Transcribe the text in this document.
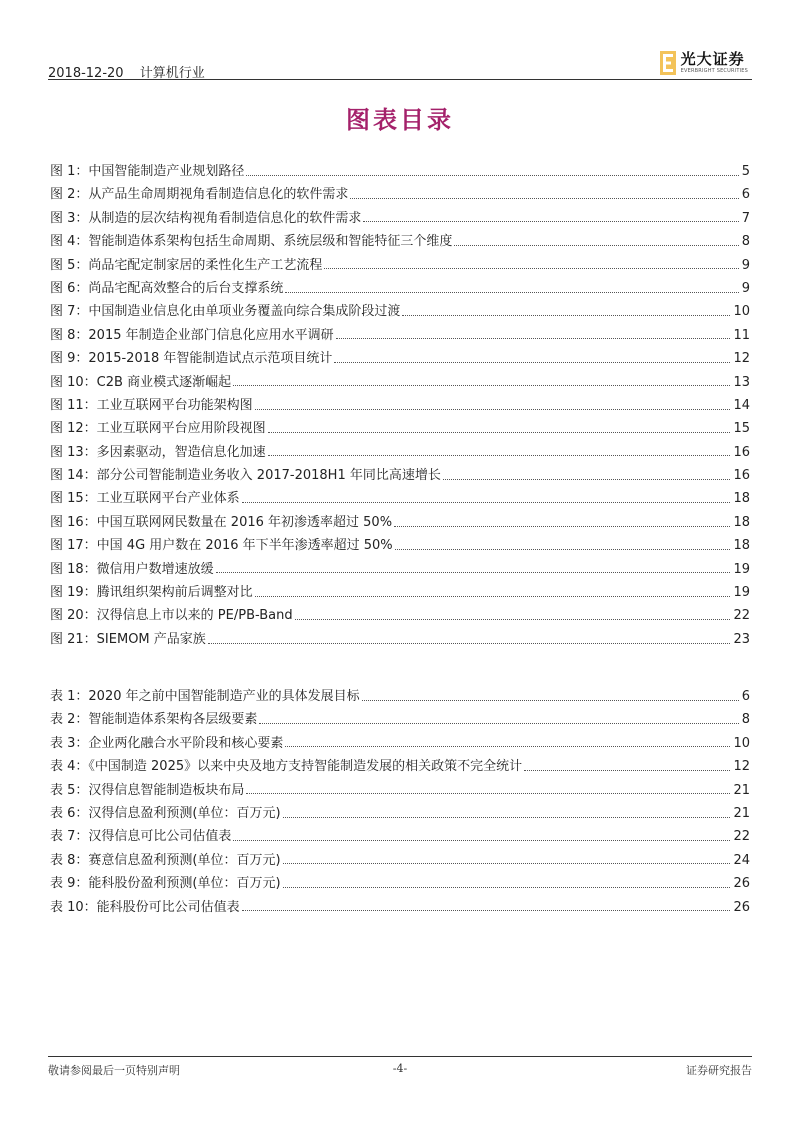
2018-12-20 计算机行业
光大证券
EVERBRIGHT SECURITIES
图表目录
图 1：中国智能制造产业规划路径	5
图 2：从产品生命周期视角看制造信息化的软件需求	6
图 3：从制造的层次结构视角看制造信息化的软件需求	7
图 4：智能制造体系架构包括生命周期、系统层级和智能特征三个维度	8
图 5：尚品宅配定制家居的柔性化生产工艺流程	9
图 6：尚品宅配高效整合的后台支撑系统	9
图 7：中国制造业信息化由单项业务覆盖向综合集成阶段过渡	10
图 8：2015 年制造企业部门信息化应用水平调研	11
图 9：2015-2018 年智能制造试点示范项目统计	12
图 10：C2B 商业模式逐渐崛起	13
图 11：工业互联网平台功能架构图	14
图 12：工业互联网平台应用阶段视图	15
图 13：多因素驱动，智造信息化加速	16
图 14：部分公司智能制造业务收入 2017-2018H1 年同比高速增长	16
图 15：工业互联网平台产业体系	18
图 16：中国互联网网民数量在 2016 年初渗透率超过 50%	18
图 17：中国 4G 用户数在 2016 年下半年渗透率超过 50%	18
图 18：微信用户数增速放缓	19
图 19：腾讯组织架构前后调整对比	19
图 20：汉得信息上市以来的 PE/PB-Band	22
图 21：SIEMOM 产品家族	23
表 1：2020 年之前中国智能制造产业的具体发展目标	6
表 2：智能制造体系架构各层级要素	8
表 3：企业两化融合水平阶段和核心要素	10
表 4：《中国制造 2025》以来中央及地方支持智能制造发展的相关政策不完全统计	12
表 5：汉得信息智能制造板块布局	21
表 6：汉得信息盈利预测(单位：百万元)	21
表 7：汉得信息可比公司估值表	22
表 8：赛意信息盈利预测(单位：百万元)	24
表 9：能科股份盈利预测(单位：百万元)	26
表 10：能科股份可比公司估值表	26
敬请参阅最后一页特别声明	-4-	证券研究报告
